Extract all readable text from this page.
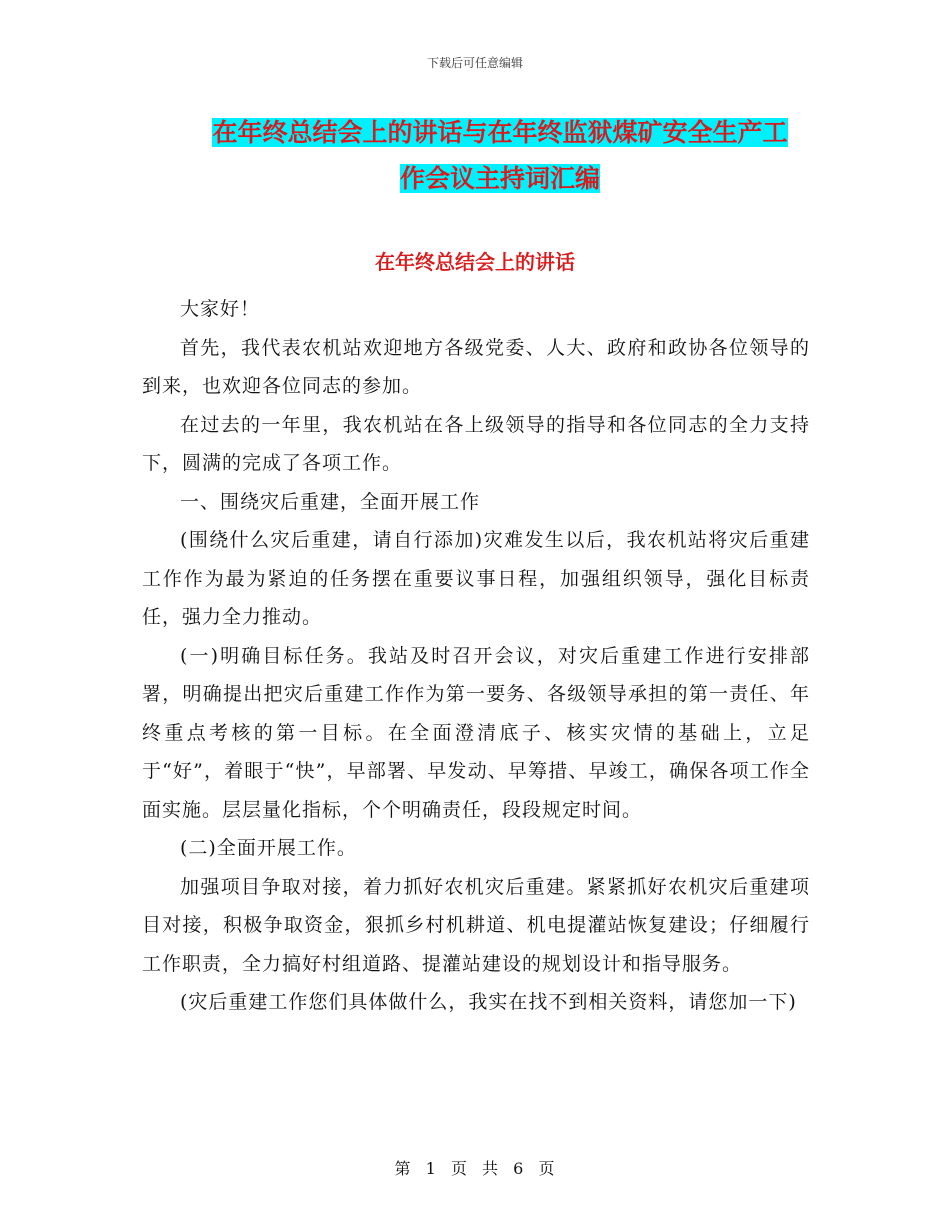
下载后可任意编辑
在年终总结会上的讲话与在年终监狱煤矿安全生产工
作会议主持词汇编
在年终总结会上的讲话

大家好！

首先，我代表农机站欢迎地方各级党委、人大、政府和政协各位领导的到来，也欢迎各位同志的参加。

在过去的一年里，我农机站在各上级领导的指导和各位同志的全力支持下，圆满的完成了各项工作。

一、围绕灾后重建，全面开展工作

(围绕什么灾后重建，请自行添加)灾难发生以后，我农机站将灾后重建工作作为最为紧迫的任务摆在重要议事日程，加强组织领导，强化目标责任，强力全力推动。

(一)明确目标任务。我站及时召开会议，对灾后重建工作进行安排部署，明确提出把灾后重建工作作为第一要务、各级领导承担的第一责任、年终重点考核的第一目标。在全面澄清底子、核实灾情的基础上，立足于“好”，着眼于“快”，早部署、早发动、早筹措、早竣工，确保各项工作全面实施。层层量化指标，个个明确责任，段段规定时间。

(二)全面开展工作。

加强项目争取对接，着力抓好农机灾后重建。紧紧抓好农机灾后重建项目对接，积极争取资金，狠抓乡村机耕道、机电提灌站恢复建设；仔细履行工作职责，全力搞好村组道路、提灌站建设的规划设计和指导服务。

(灾后重建工作您们具体做什么，我实在找不到相关资料，请您加一下)

第 1 页 共 6 页
